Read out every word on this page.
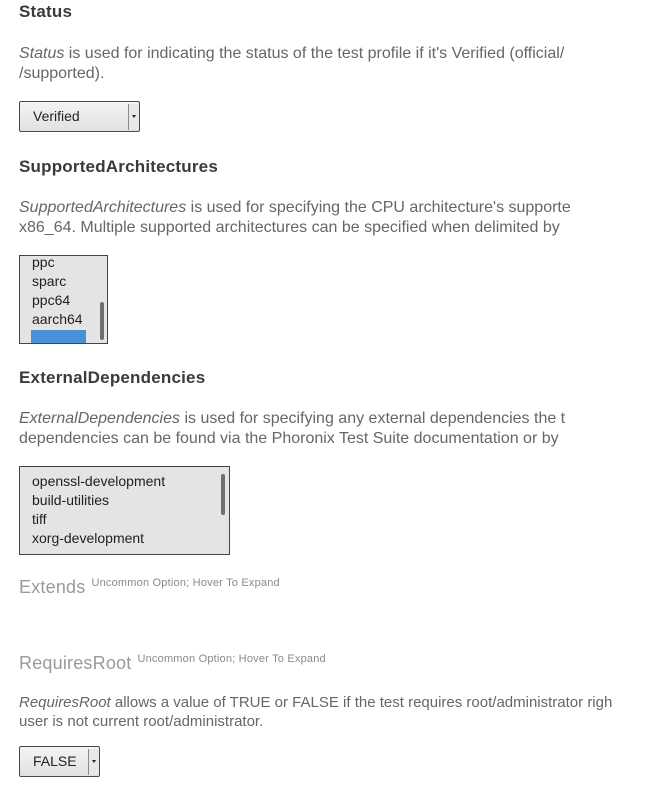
Status

Status is used for indicating the status of the test profile if it's Verified (official/

/supported).

Verified
SupportedArchitectures

SupportedArchitectures is used for specifying the CPU architecture's supporte

x86_64. Multiple supported architectures can be specified when delimited by

ppc
sparc
ppc64
aarch64
ExternalDependencies

ExternalDependencies is used for specifying any external dependencies the t

dependencies can be found via the Phoronix Test Suite documentation or by

openssl-development
build-utilities
tiff
xorg-development
Extends $^{Uncommon Option; Hover To Expand}$
RequiresRoot $^{Uncommon Option; Hover To Expand}$

RequiresRoot allows a value of TRUE or FALSE if the test requires root/administrator righ

user is not current root/administrator.

FALSE
